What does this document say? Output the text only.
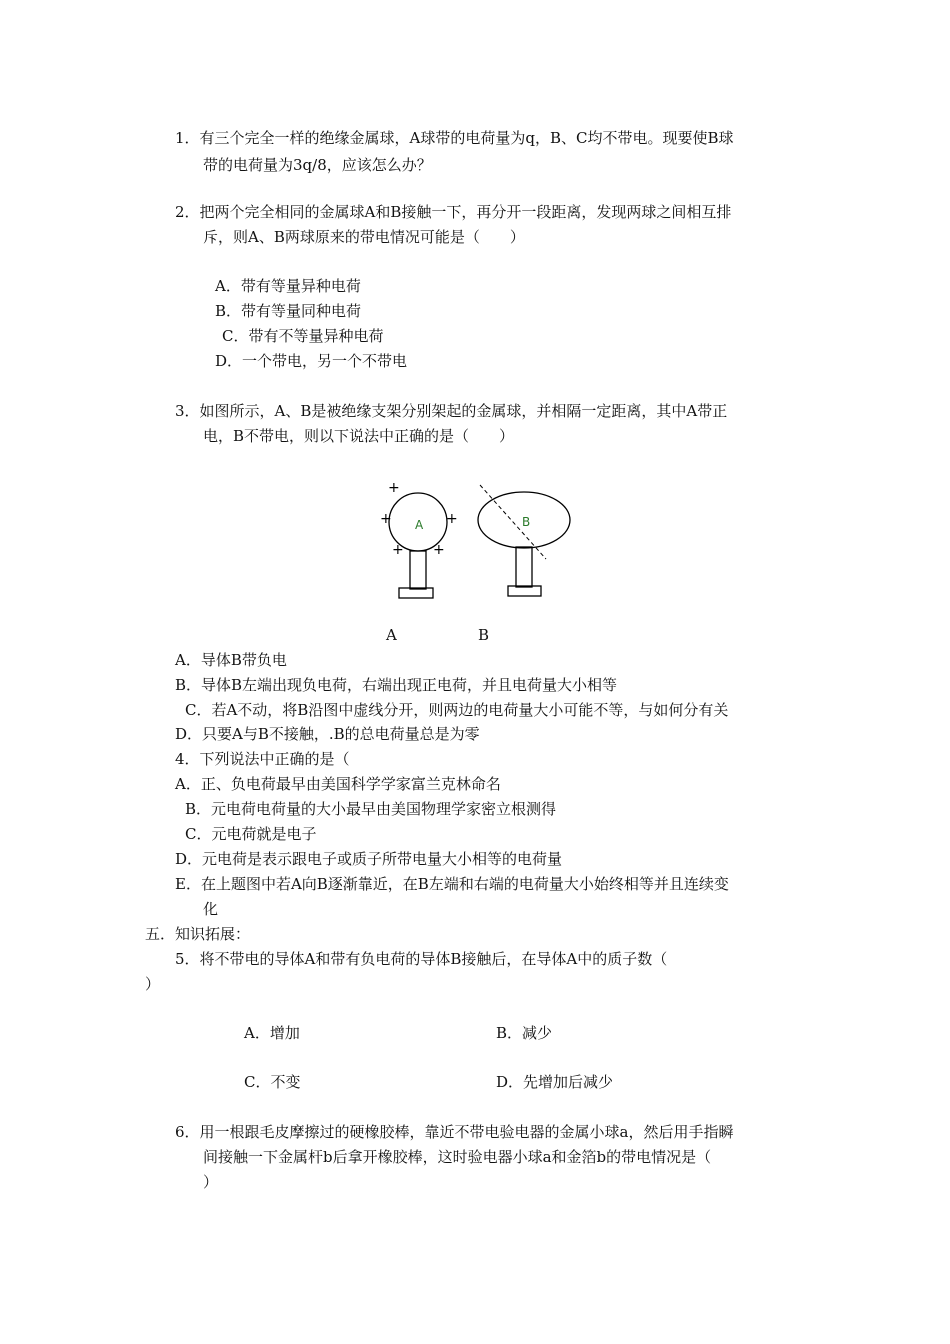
1．有三个完全一样的绝缘金属球，A球带的电荷量为q，B、C均不带电。现要使B球
带的电荷量为3q/8，应该怎么办？
2．把两个完全相同的金属球A和B接触一下，再分开一段距离，发现两球之间相互排
斥，则A、B两球原来的带电情况可能是（　　）
A．带有等量异种电荷
B．带有等量同种电荷
C．带有不等量异种电荷
D．一个带电，另一个不带电
3．如图所示，A、B是被绝缘支架分别架起的金属球，并相隔一定距离，其中A带正
电，B不带电，则以下说法中正确的是（　　）
A
+
+	+
+ +
B
A	B
A．导体B带负电
B．导体B左端出现负电荷，右端出现正电荷，并且电荷量大小相等
C．若A不动，将B沿图中虚线分开，则两边的电荷量大小可能不等，与如何分有关
D．只要A与B不接触，.B的总电荷量总是为零
4．下列说法中正确的是（
A．正、负电荷最早由美国科学学家富兰克林命名
B．元电荷电荷量的大小最早由美国物理学家密立根测得
C．元电荷就是电子
D．元电荷是表示跟电子或质子所带电量大小相等的电荷量
E．在上题图中若A向B逐渐靠近，在B左端和右端的电荷量大小始终相等并且连续变
化
五．知识拓展：
5．将不带电的导体A和带有负电荷的导体B接触后，在导体A中的质子数（
）
A．增加	B．减少
C．不变	D．先增加后减少
6．用一根跟毛皮摩擦过的硬橡胶棒，靠近不带电验电器的金属小球a，然后用手指瞬
间接触一下金属杆b后拿开橡胶棒，这时验电器小球a和金箔b的带电情况是（
）
